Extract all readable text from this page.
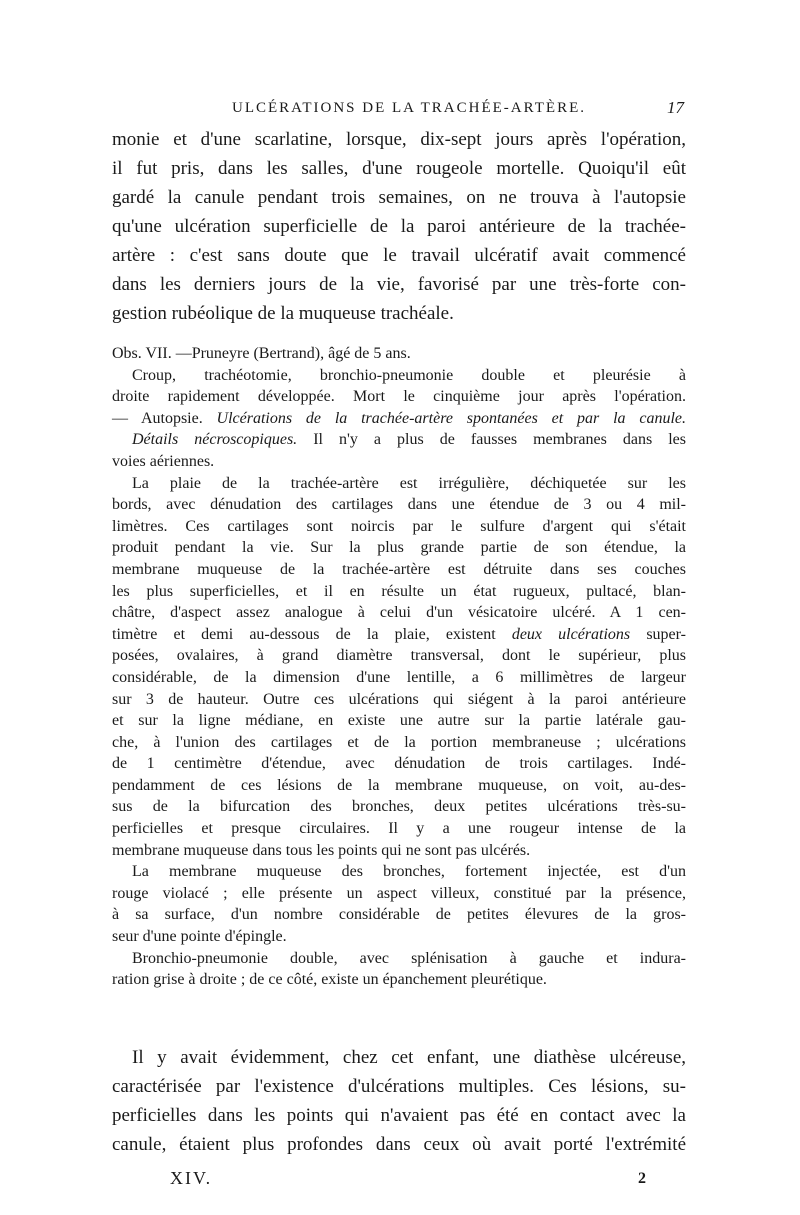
ULCÉRATIONS DE LA TRACHÉE-ARTÈRE.	17
monie et d'une scarlatine, lorsque, dix-sept jours après l'opération,
il fut pris, dans les salles, d'une rougeole mortelle. Quoiqu'il eût
gardé la canule pendant trois semaines, on ne trouva à l'autopsie
qu'une ulcération superficielle de la paroi antérieure de la trachée-
artère : c'est sans doute que le travail ulcératif avait commencé
dans les derniers jours de la vie, favorisé par une très-forte con-
gestion rubéolique de la muqueuse trachéale.
Obs. VII. —Pruneyre (Bertrand), âgé de 5 ans.
Croup, trachéotomie, bronchio-pneumonie double et pleurésie à
droite rapidement développée. Mort le cinquième jour après l'opération.
— Autopsie. Ulcérations de la trachée-artère spontanées et par la canule.
Détails nécroscopiques. Il n'y a plus de fausses membranes dans les
voies aériennes.
La plaie de la trachée-artère est irrégulière, déchiquetée sur les
bords, avec dénudation des cartilages dans une étendue de 3 ou 4 mil-
limètres. Ces cartilages sont noircis par le sulfure d'argent qui s'était
produit pendant la vie. Sur la plus grande partie de son étendue, la
membrane muqueuse de la trachée-artère est détruite dans ses couches
les plus superficielles, et il en résulte un état rugueux, pultacé, blan-
châtre, d'aspect assez analogue à celui d'un vésicatoire ulcéré. A 1 cen-
timètre et demi au-dessous de la plaie, existent deux ulcérations super-
posées, ovalaires, à grand diamètre transversal, dont le supérieur, plus
considérable, de la dimension d'une lentille, a 6 millimètres de largeur
sur 3 de hauteur. Outre ces ulcérations qui siégent à la paroi antérieure
et sur la ligne médiane, en existe une autre sur la partie latérale gau-
che, à l'union des cartilages et de la portion membraneuse ; ulcérations
de 1 centimètre d'étendue, avec dénudation de trois cartilages. Indé-
pendamment de ces lésions de la membrane muqueuse, on voit, au-des-
sus de la bifurcation des bronches, deux petites ulcérations très-su-
perficielles et presque circulaires. Il y a une rougeur intense de la
membrane muqueuse dans tous les points qui ne sont pas ulcérés.
La membrane muqueuse des bronches, fortement injectée, est d'un
rouge violacé ; elle présente un aspect villeux, constitué par la présence,
à sa surface, d'un nombre considérable de petites élevures de la gros-
seur d'une pointe d'épingle.
Bronchio-pneumonie double, avec splénisation à gauche et indura-
ration grise à droite ; de ce côté, existe un épanchement pleurétique.
Il y avait évidemment, chez cet enfant, une diathèse ulcéreuse,
caractérisée par l'existence d'ulcérations multiples. Ces lésions, su-
perficielles dans les points qui n'avaient pas été en contact avec la
canule, étaient plus profondes dans ceux où avait porté l'extrémité
XIV.	2
